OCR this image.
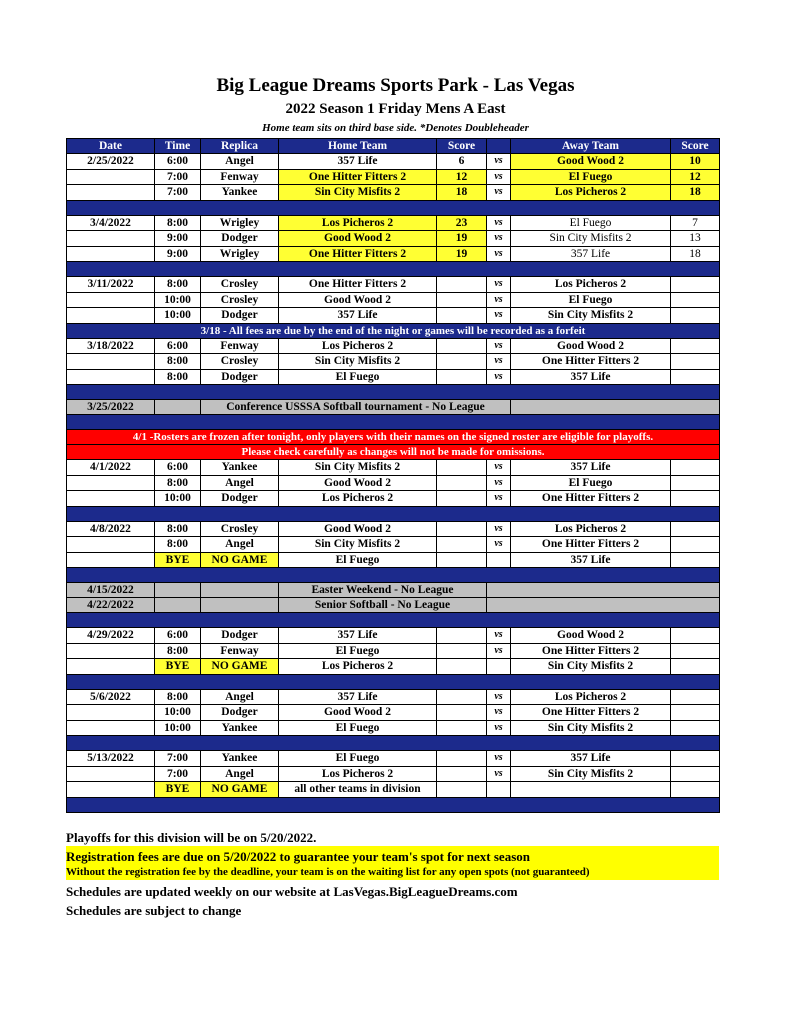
Big League Dreams Sports Park - Las Vegas
2022 Season 1 Friday Mens A East
Home team sits on third base side. *Denotes Doubleheader
Date	Time	Replica	Home Team	Score		Away Team	Score
2/25/2022	6:00	Angel	357 Life	6	vs	Good Wood 2	10
	7:00	Fenway	One Hitter Fitters 2	12	vs	El Fuego	12
	7:00	Yankee	Sin City Misfits 2	18	vs	Los Picheros 2	18

3/4/2022	8:00	Wrigley	Los Picheros 2	23	vs	El Fuego	7
	9:00	Dodger	Good Wood 2	19	vs	Sin City Misfits 2	13
	9:00	Wrigley	One Hitter Fitters 2	19	vs	357 Life	18

3/11/2022	8:00	Crosley	One Hitter Fitters 2		vs	Los Picheros 2	
	10:00	Crosley	Good Wood 2		vs	El Fuego	
	10:00	Dodger	357 Life		vs	Sin City Misfits 2	
3/18 - All fees are due by the end of the night or games will be recorded as a forfeit							
3/18/2022	6:00	Fenway	Los Picheros 2		vs	Good Wood 2	
	8:00	Crosley	Sin City Misfits 2		vs	One Hitter Fitters 2	
	8:00	Dodger	El Fuego		vs	357 Life	

3/25/2022		Conference USSSA Softball tournament - No League					

4/1 -Rosters are frozen after tonight, only players with their names on the signed roster are eligible for playoffs.							
Please check carefully as changes will not be made for omissions.							
4/1/2022	6:00	Yankee	Sin City Misfits 2		vs	357 Life	
	8:00	Angel	Good Wood 2		vs	El Fuego	
	10:00	Dodger	Los Picheros 2		vs	One Hitter Fitters 2	

4/8/2022	8:00	Crosley	Good Wood 2		vs	Los Picheros 2	
	8:00	Angel	Sin City Misfits 2		vs	One Hitter Fitters 2	
	BYE	NO GAME	El Fuego			357 Life	

4/15/2022			Easter Weekend - No League				
4/22/2022			Senior Softball - No League				

4/29/2022	6:00	Dodger	357 Life		vs	Good Wood 2	
	8:00	Fenway	El Fuego		vs	One Hitter Fitters 2	
	BYE	NO GAME	Los Picheros 2			Sin City Misfits 2	

5/6/2022	8:00	Angel	357 Life		vs	Los Picheros 2	
	10:00	Dodger	Good Wood 2		vs	One Hitter Fitters 2	
	10:00	Yankee	El Fuego		vs	Sin City Misfits 2	

5/13/2022	7:00	Yankee	El Fuego		vs	357 Life	
	7:00	Angel	Los Picheros 2		vs	Sin City Misfits 2	
	BYE	NO GAME	all other teams in division				

Playoffs for this division will be on 5/20/2022.
Registration fees are due on 5/20/2022 to guarantee your team's spot for next season
Without the registration fee by the deadline, your team is on the waiting list for any open spots (not guaranteed)
Schedules are updated weekly on our website at LasVegas.BigLeagueDreams.com
Schedules are subject to change
